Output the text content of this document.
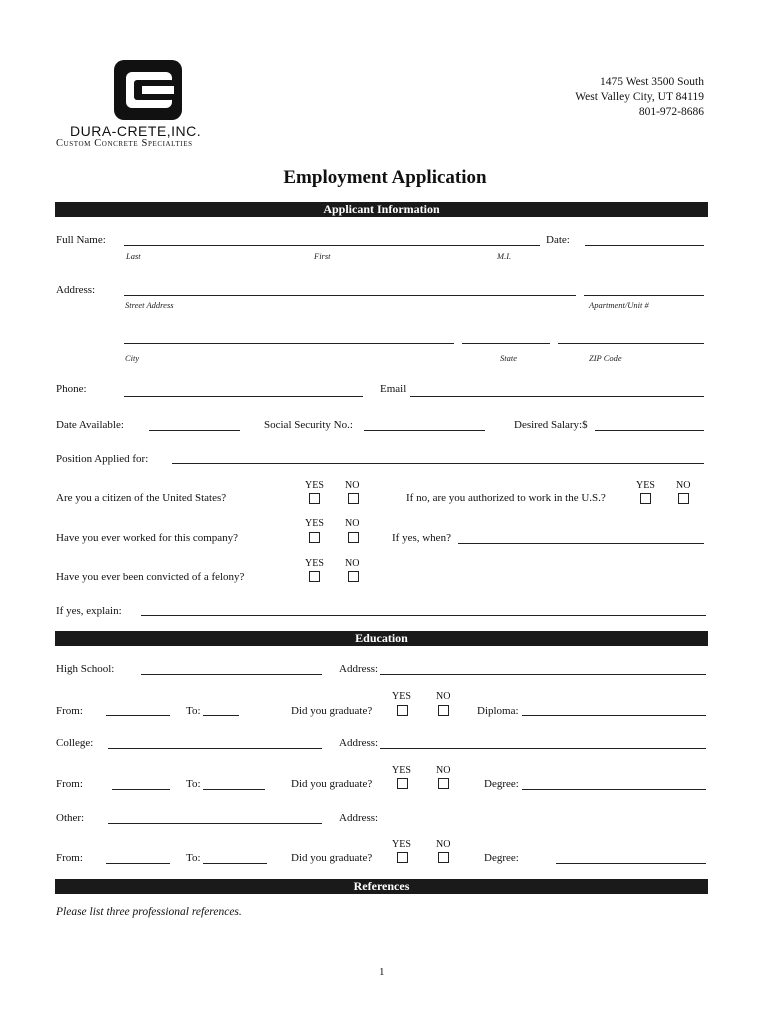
DURA-CRETE,INC.
Custom Concrete Specialties
1475 West 3500 South
West Valley City, UT 84119
801-972-8686
Employment Application
Applicant Information
Full Name:	Date:
Last	First	M.I.
Address:
Street Address	Apartment/Unit #
City	State	ZIP Code
Phone:	Email
Date Available:	Social Security No.:	Desired Salary:$
Position Applied for:
Are you a citizen of the United States?
YES NO
If no, are you authorized to work in the U.S.?
YES NO
Have you ever worked for this company?
YES NO
If yes, when?
Have you ever been convicted of a felony?
YES NO
If yes, explain:
Education
High School:	Address:
From:	To:	Did you graduate?
YES	NO
Diploma:
College:	Address:
From:	To:	Did you graduate?
YES	NO
Degree:
Other:	Address:
From:	To:	Did you graduate?
YES	NO
Degree:
References
Please list three professional references.
1
